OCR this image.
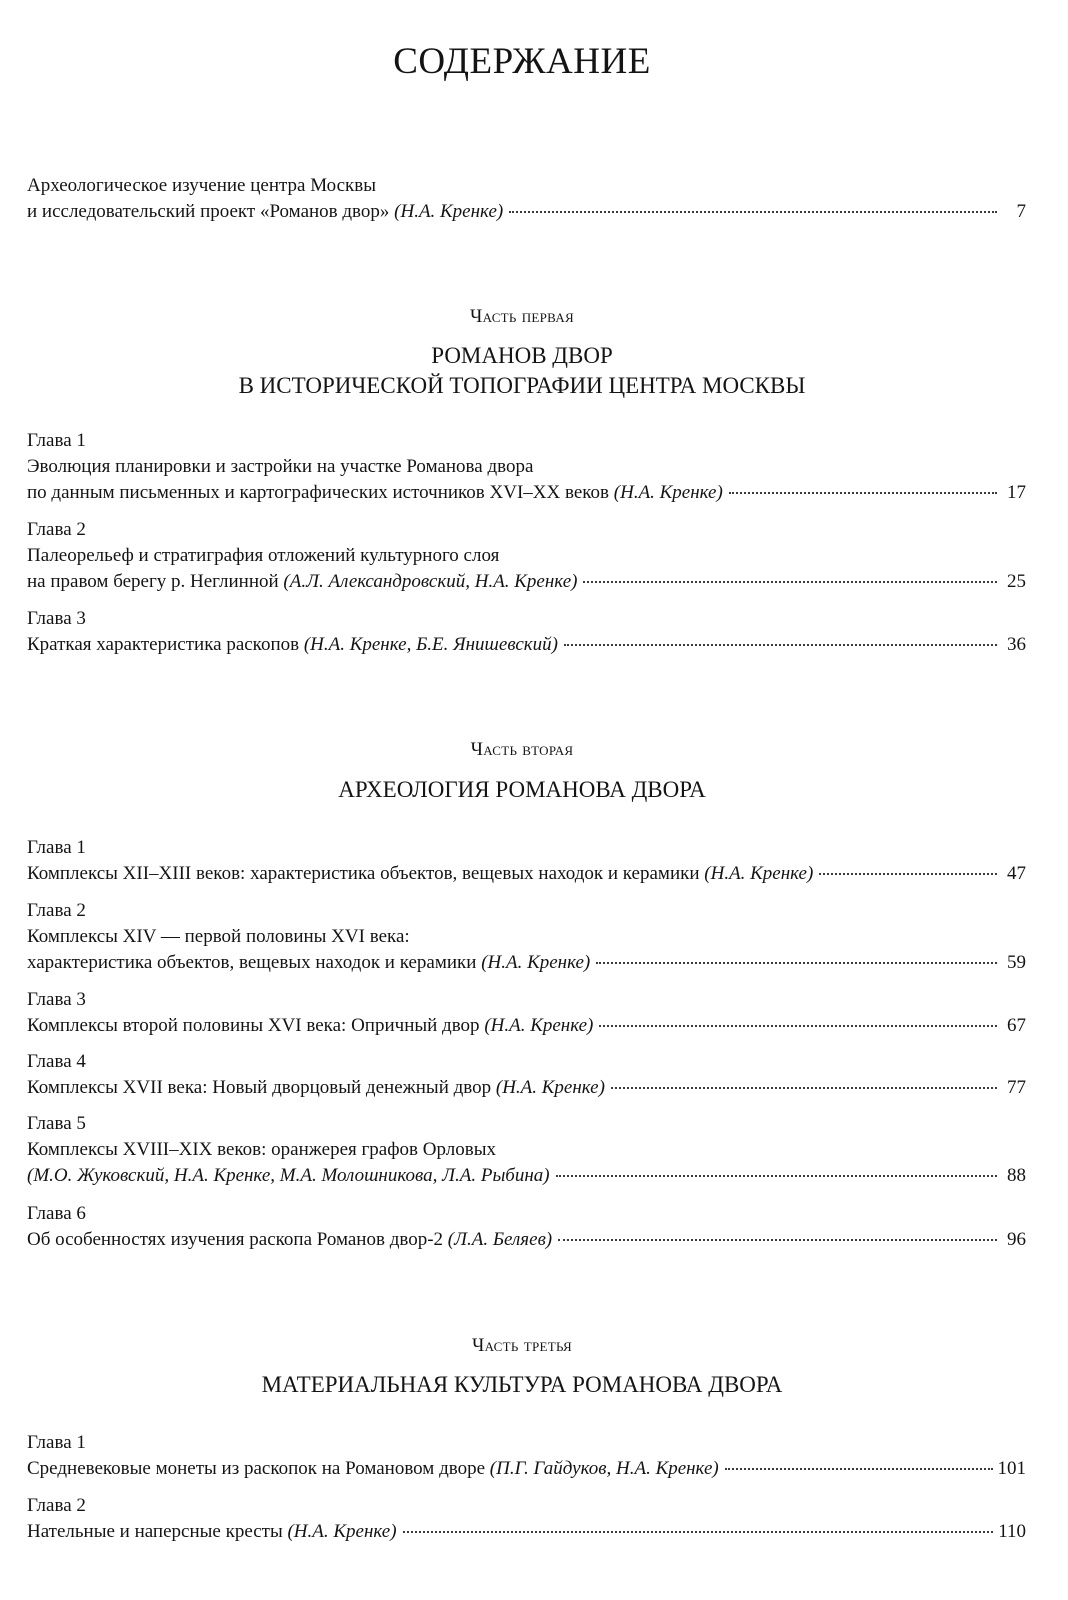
СОДЕРЖАНИЕ
Археологическое изучение центра Москвы
и исследовательский проект «Романов двор» (Н.А. Кренке)	7
Часть первая
РОМАНОВ ДВОР
В ИСТОРИЧЕСКОЙ ТОПОГРАФИИ ЦЕНТРА МОСКВЫ
Глава 1
Эволюция планировки и застройки на участке Романова двора
по данным письменных и картографических источников XVI–XX веков (Н.А. Кренке)	17
Глава 2
Палеорельеф и стратиграфия отложений культурного слоя
на правом берегу р. Неглинной (А.Л. Александровский, Н.А. Кренке)	25
Глава 3
Краткая характеристика раскопов (Н.А. Кренке, Б.Е. Янишевский)	36
Часть вторая
АРХЕОЛОГИЯ РОМАНОВА ДВОРА
Глава 1
Комплексы XII–XIII веков: характеристика объектов, вещевых находок и керамики (Н.А. Кренке)	47
Глава 2
Комплексы XIV — первой половины XVI века:
характеристика объектов, вещевых находок и керамики (Н.А. Кренке)	59
Глава 3
Комплексы второй половины XVI века: Опричный двор (Н.А. Кренке)	67
Глава 4
Комплексы XVII века: Новый дворцовый денежный двор (Н.А. Кренке)	77
Глава 5
Комплексы XVIII–XIX веков: оранжерея графов Орловых
(М.О. Жуковский, Н.А. Кренке, М.А. Молошникова, Л.А. Рыбина)	88
Глава 6
Об особенностях изучения раскопа Романов двор-2 (Л.А. Беляев)	96
Часть третья
МАТЕРИАЛЬНАЯ КУЛЬТУРА РОМАНОВА ДВОРА
Глава 1
Средневековые монеты из раскопок на Романовом дворе (П.Г. Гайдуков, Н.А. Кренке)	101
Глава 2
Нательные и наперсные кресты (Н.А. Кренке)	110
